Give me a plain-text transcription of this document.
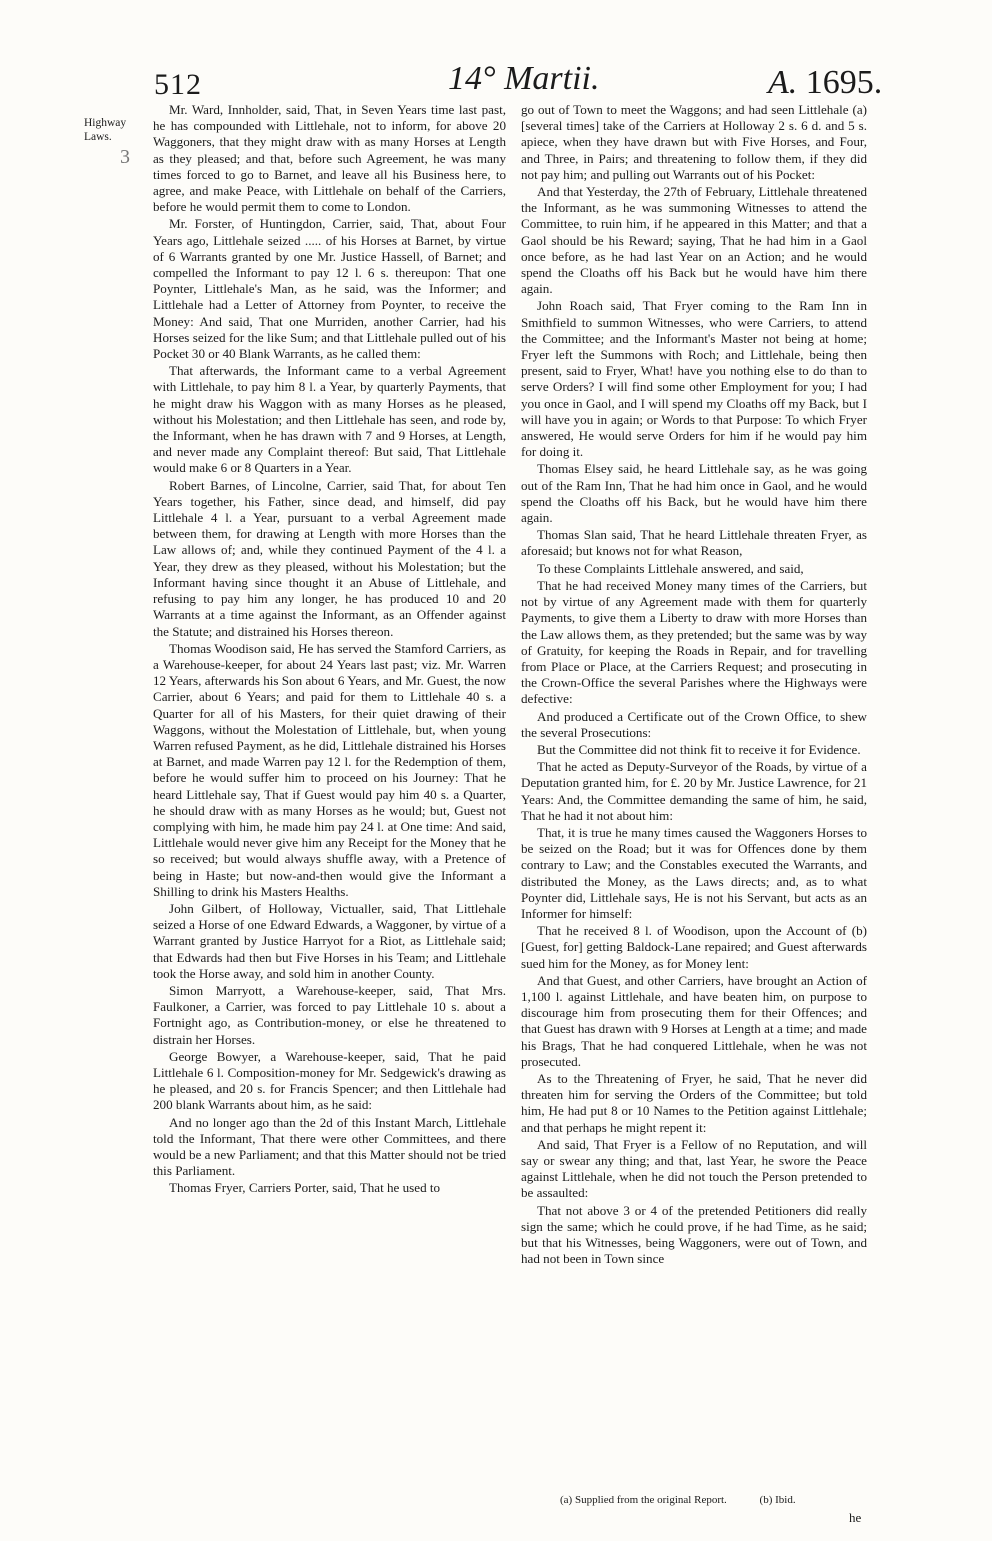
512	14° Martii.	A. 1695.
Highway Laws.
3

Mr. Ward, Innholder, said, That, in Seven Years time last past, he has compounded with Littlehale, not to inform, for above 20 Waggoners, that they might draw with as many Horses at Length as they pleased; and that, before such Agreement, he was many times forced to go to Barnet, and leave all his Business here, to agree, and make Peace, with Littlehale on behalf of the Carriers, before he would permit them to come to London.

Mr. Forster, of Huntingdon, Carrier, said, That, about Four Years ago, Littlehale seized ..... of his Horses at Barnet, by virtue of 6 Warrants granted by one Mr. Justice Hassell, of Barnet; and compelled the Informant to pay 12 l. 6 s. thereupon: That one Poynter, Littlehale's Man, as he said, was the Informer; and Littlehale had a Letter of Attorney from Poynter, to receive the Money: And said, That one Murriden, another Carrier, had his Horses seized for the like Sum; and that Littlehale pulled out of his Pocket 30 or 40 Blank Warrants, as he called them:

That afterwards, the Informant came to a verbal Agreement with Littlehale, to pay him 8 l. a Year, by quarterly Payments, that he might draw his Waggon with as many Horses as he pleased, without his Molestation; and then Littlehale has seen, and rode by, the Informant, when he has drawn with 7 and 9 Horses, at Length, and never made any Complaint thereof: But said, That Littlehale would make 6 or 8 Quarters in a Year.

Robert Barnes, of Lincolne, Carrier, said That, for about Ten Years together, his Father, since dead, and himself, did pay Littlehale 4 l. a Year, pursuant to a verbal Agreement made between them, for drawing at Length with more Horses than the Law allows of; and, while they continued Payment of the 4 l. a Year, they drew as they pleased, without his Molestation; but the Informant having since thought it an Abuse of Littlehale, and refusing to pay him any longer, he has produced 10 and 20 Warrants at a time against the Informant, as an Offender against the Statute; and distrained his Horses thereon.

Thomas Woodison said, He has served the Stamford Carriers, as a Warehouse-keeper, for about 24 Years last past; viz. Mr. Warren 12 Years, afterwards his Son about 6 Years, and Mr. Guest, the now Carrier, about 6 Years; and paid for them to Littlehale 40 s. a Quarter for all of his Masters, for their quiet drawing of their Waggons, without the Molestation of Littlehale, but, when young Warren refused Payment, as he did, Littlehale distrained his Horses at Barnet, and made Warren pay 12 l. for the Redemption of them, before he would suffer him to proceed on his Journey: That he heard Littlehale say, That if Guest would pay him 40 s. a Quarter, he should draw with as many Horses as he would; but, Guest not complying with him, he made him pay 24 l. at One time: And said, Littlehale would never give him any Receipt for the Money that he so received; but would always shuffle away, with a Pretence of being in Haste; but now-and-then would give the Informant a Shilling to drink his Masters Healths.

John Gilbert, of Holloway, Victualler, said, That Littlehale seized a Horse of one Edward Edwards, a Waggoner, by virtue of a Warrant granted by Justice Harryot for a Riot, as Littlehale said; that Edwards had then but Five Horses in his Team; and Littlehale took the Horse away, and sold him in another County.

Simon Marryott, a Warehouse-keeper, said, That Mrs. Faulkoner, a Carrier, was forced to pay Littlehale 10 s. about a Fortnight ago, as Contribution-money, or else he threatened to distrain her Horses.

George Bowyer, a Warehouse-keeper, said, That he paid Littlehale 6 l. Composition-money for Mr. Sedgewick's drawing as he pleased, and 20 s. for Francis Spencer; and then Littlehale had 200 blank Warrants about him, as he said:

And no longer ago than the 2d of this Instant March, Littlehale told the Informant, That there were other Committees, and there would be a new Parliament; and that this Matter should not be tried this Parliament.

Thomas Fryer, Carriers Porter, said, That he used to

go out of Town to meet the Waggons; and had seen Littlehale (a) [several times] take of the Carriers at Holloway 2 s. 6 d. and 5 s. apiece, when they have drawn but with Five Horses, and Four, and Three, in Pairs; and threatening to follow them, if they did not pay him; and pulling out Warrants out of his Pocket:

And that Yesterday, the 27th of February, Littlehale threatened the Informant, as he was summoning Witnesses to attend the Committee, to ruin him, if he appeared in this Matter; and that a Gaol should be his Reward; saying, That he had him in a Gaol once before, as he had last Year on an Action; and he would spend the Cloaths off his Back but he would have him there again.

John Roach said, That Fryer coming to the Ram Inn in Smithfield to summon Witnesses, who were Carriers, to attend the Committee; and the Informant's Master not being at home; Fryer left the Summons with Roch; and Littlehale, being then present, said to Fryer, What! have you nothing else to do than to serve Orders? I will find some other Employment for you; I had you once in Gaol, and I will spend my Cloaths off my Back, but I will have you in again; or Words to that Purpose: To which Fryer answered, He would serve Orders for him if he would pay him for doing it.

Thomas Elsey said, he heard Littlehale say, as he was going out of the Ram Inn, That he had him once in Gaol, and he would spend the Cloaths off his Back, but he would have him there again.

Thomas Slan said, That he heard Littlehale threaten Fryer, as aforesaid; but knows not for what Reason,

To these Complaints Littlehale answered, and said,

That he had received Money many times of the Carriers, but not by virtue of any Agreement made with them for quarterly Payments, to give them a Liberty to draw with more Horses than the Law allows them, as they pretended; but the same was by way of Gratuity, for keeping the Roads in Repair, and for travelling from Place or Place, at the Carriers Request; and prosecuting in the Crown-Office the several Parishes where the Highways were defective:

And produced a Certificate out of the Crown Office, to shew the several Prosecutions:

But the Committee did not think fit to receive it for Evidence.

That he acted as Deputy-Surveyor of the Roads, by virtue of a Deputation granted him, for £. 20 by Mr. Justice Lawrence, for 21 Years: And, the Committee demanding the same of him, he said, That he had it not about him:

That, it is true he many times caused the Waggoners Horses to be seized on the Road; but it was for Offences done by them contrary to Law; and the Constables executed the Warrants, and distributed the Money, as the Laws directs; and, as to what Poynter did, Littlehale says, He is not his Servant, but acts as an Informer for himself:

That he received 8 l. of Woodison, upon the Account of (b) [Guest, for] getting Baldock-Lane repaired; and Guest afterwards sued him for the Money, as for Money lent:

And that Guest, and other Carriers, have brought an Action of 1,100 l. against Littlehale, and have beaten him, on purpose to discourage him from prosecuting them for their Offences; and that Guest has drawn with 9 Horses at Length at a time; and made his Brags, That he had conquered Littlehale, when he was not prosecuted.

As to the Threatening of Fryer, he said, That he never did threaten him for serving the Orders of the Committee; but told him, He had put 8 or 10 Names to the Petition against Littlehale; and that perhaps he might repent it:

And said, That Fryer is a Fellow of no Reputation, and will say or swear any thing; and that, last Year, he swore the Peace against Littlehale, when he did not touch the Person pretended to be assaulted:

That not above 3 or 4 of the pretended Petitioners did really sign the same; which he could prove, if he had Time, as he said; but that his Witnesses, being Waggoners, were out of Town, and had not been in Town since

he
(a) Supplied from the original Report.	(b) Ibid.
